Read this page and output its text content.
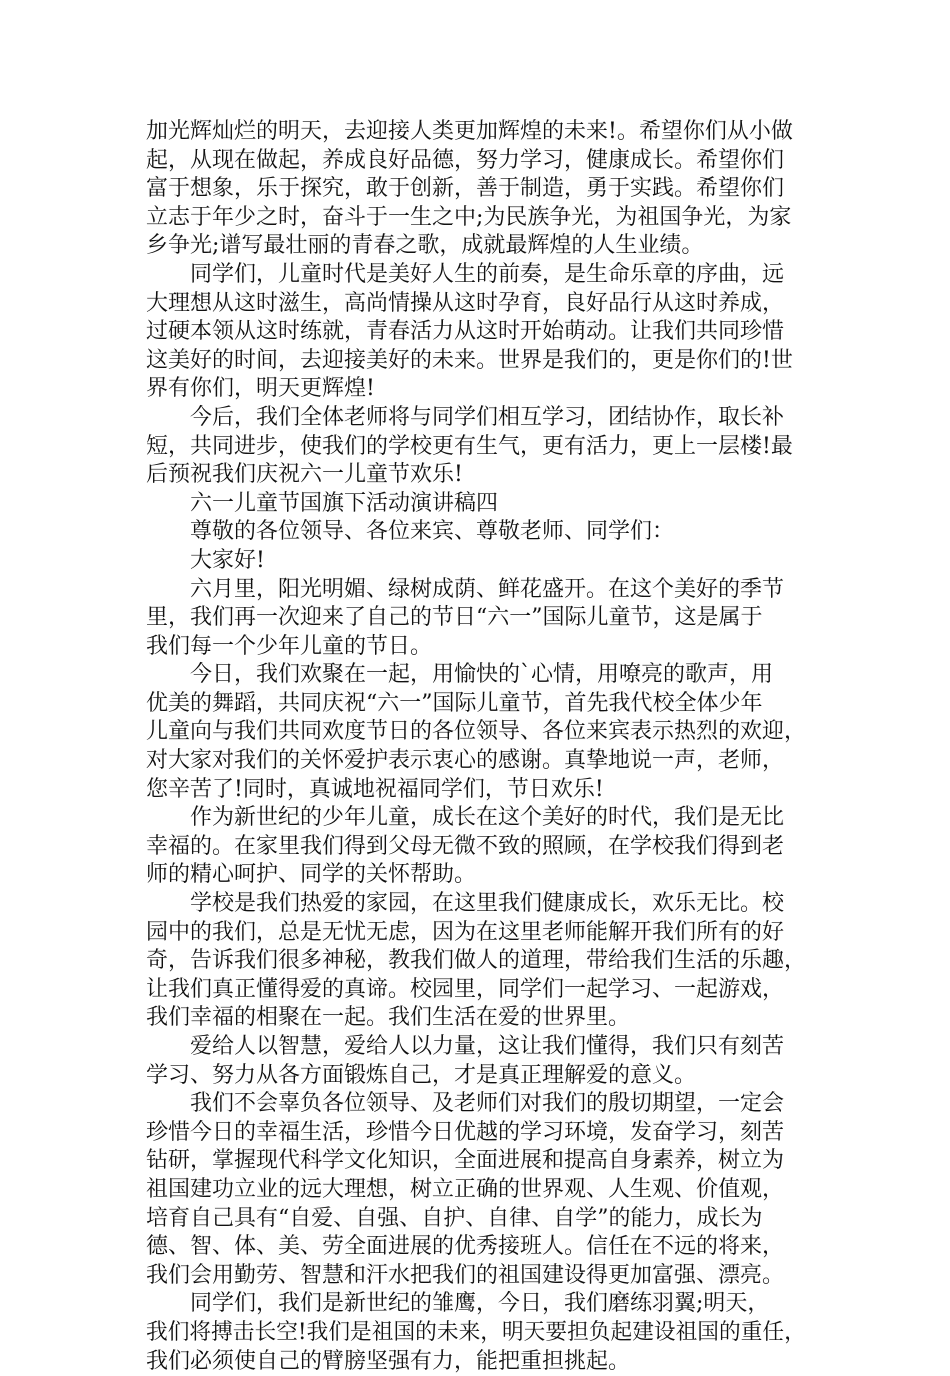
加光辉灿烂的明天，去迎接人类更加辉煌的未来!。希望你们从小做
起，从现在做起，养成良好品德，努力学习，健康成长。希望你们
富于想象，乐于探究，敢于创新，善于制造，勇于实践。希望你们
立志于年少之时，奋斗于一生之中;为民族争光，为祖国争光，为家
乡争光;谱写最壮丽的青春之歌，成就最辉煌的人生业绩。
　　同学们，儿童时代是美好人生的前奏，是生命乐章的序曲，远
大理想从这时滋生，高尚情操从这时孕育，良好品行从这时养成，
过硬本领从这时练就，青春活力从这时开始萌动。让我们共同珍惜
这美好的时间，去迎接美好的未来。世界是我们的，更是你们的!世
界有你们，明天更辉煌!
　　今后，我们全体老师将与同学们相互学习，团结协作，取长补
短，共同进步，使我们的学校更有生气，更有活力，更上一层楼!最
后预祝我们庆祝六一儿童节欢乐!
　　六一儿童节国旗下活动演讲稿四
　　尊敬的各位领导、各位来宾、尊敬老师、同学们：
　　大家好!
　　六月里，阳光明媚、绿树成荫、鲜花盛开。在这个美好的季节
里，我们再一次迎来了自己的节日“六一”国际儿童节，这是属于
我们每一个少年儿童的节日。
　　今日，我们欢聚在一起，用愉快的`心情，用嘹亮的歌声，用
优美的舞蹈，共同庆祝“六一”国际儿童节，首先我代校全体少年
儿童向与我们共同欢度节日的各位领导、各位来宾表示热烈的欢迎，
对大家对我们的关怀爱护表示衷心的感谢。真挚地说一声，老师，
您辛苦了!同时，真诚地祝福同学们，节日欢乐!
　　作为新世纪的少年儿童，成长在这个美好的时代，我们是无比
幸福的。在家里我们得到父母无微不致的照顾，在学校我们得到老
师的精心呵护、同学的关怀帮助。
　　学校是我们热爱的家园，在这里我们健康成长，欢乐无比。校
园中的我们，总是无忧无虑，因为在这里老师能解开我们所有的好
奇，告诉我们很多神秘，教我们做人的道理，带给我们生活的乐趣，
让我们真正懂得爱的真谛。校园里，同学们一起学习、一起游戏，
我们幸福的相聚在一起。我们生活在爱的世界里。
　　爱给人以智慧，爱给人以力量，这让我们懂得，我们只有刻苦
学习、努力从各方面锻炼自己，才是真正理解爱的意义。
　　我们不会辜负各位领导、及老师们对我们的殷切期望，一定会
珍惜今日的幸福生活，珍惜今日优越的学习环境，发奋学习，刻苦
钻研，掌握现代科学文化知识，全面进展和提高自身素养，树立为
祖国建功立业的远大理想，树立正确的世界观、人生观、价值观，
培育自己具有“自爱、自强、自护、自律、自学”的能力，成长为
德、智、体、美、劳全面进展的优秀接班人。信任在不远的将来，
我们会用勤劳、智慧和汗水把我们的祖国建设得更加富强、漂亮。
　　同学们，我们是新世纪的雏鹰，今日，我们磨练羽翼;明天，
我们将搏击长空!我们是祖国的未来，明天要担负起建设祖国的重任，
我们必须使自己的臂膀坚强有力，能把重担挑起。
